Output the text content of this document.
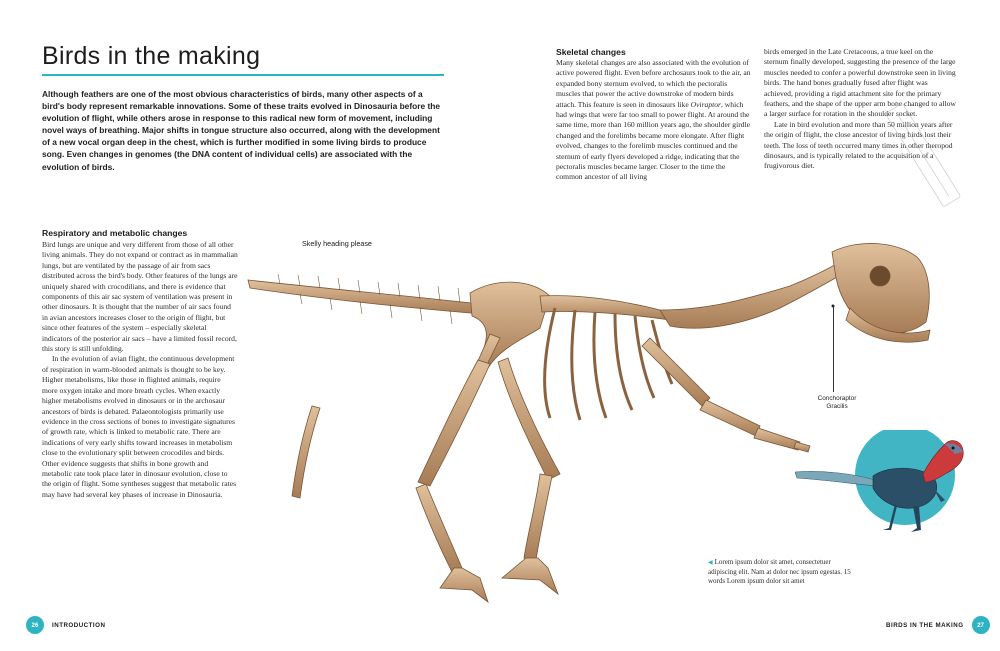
Birds in the making
Although feathers are one of the most obvious characteristics of birds, many other aspects of a bird's body represent remarkable innovations. Some of these traits evolved in Dinosauria before the evolution of flight, while others arose in response to this radical new form of movement, including novel ways of breathing. Major shifts in tongue structure also occurred, along with the development of a new vocal organ deep in the chest, which is further modified in some living birds to produce song. Even changes in genomes (the DNA content of individual cells) are associated with the evolution of birds.
Respiratory and metabolic changes

Bird lungs are unique and very different from those of all other living animals. They do not expand or contract as in mammalian lungs, but are ventilated by the passage of air from sacs distributed across the bird's body. Other features of the lungs are uniquely shared with crocodilians, and there is evidence that components of this air sac system of ventilation was present in other dinosaurs. It is thought that the number of air sacs found in avian ancestors increases closer to the origin of flight, but since other features of the system – especially skeletal indicators of the posterior air sacs – have a limited fossil record, this story is still unfolding.

In the evolution of avian flight, the continuous development of respiration in warm-blooded animals is thought to be key. Higher metabolisms, like those in flighted animals, require more oxygen intake and more breath cycles. When exactly higher metabolisms evolved in dinosaurs or in the archosaur ancestors of birds is debated. Palaeontologists primarily use evidence in the cross sections of bones to investigate signatures of growth rate, which is linked to metabolic rate. There are indications of very early shifts toward increases in metabolism close to the evolutionary split between crocodiles and birds. Other evidence suggests that shifts in bone growth and metabolic rate took place later in dinosaur evolution, close to the origin of flight. Some syntheses suggest that metabolic rates may have had several key phases of increase in Dinosauria.

Skeletal changes

Many skeletal changes are also associated with the evolution of active powered flight. Even before archosaurs took to the air, an expanded bony sternum evolved, to which the pectoralis muscles that power the active downstroke of modern birds attach. This feature is seen in dinosaurs like Oviraptor, which had wings that were far too small to power flight. At around the same time, more than 160 million years ago, the shoulder girdle changed and the forelimbs became more elongate. After flight evolved, changes to the forelimb muscles continued and the sternum of early flyers developed a ridge, indicating that the pectoralis muscles became larger. Closer to the time the common ancestor of all living

birds emerged in the Late Cretaceous, a true keel on the sternum finally developed, suggesting the presence of the large muscles needed to confer a powerful downstroke seen in living birds. The hand bones gradually fused after flight was achieved, providing a rigid attachment site for the primary feathers, and the shape of the upper arm bone changed to allow a larger surface for rotation in the shoulder socket.

Late in bird evolution and more than 50 million years after the origin of flight, the close ancestor of living birds lost their teeth. The loss of teeth occurred many times in other theropod dinosaurs, and is typically related to the acquisition of a frugivorous diet.

Skelly heading please
Conchoraptor
Gracilis
◀ Lorem ipsum dolor sit amet, consectetuer adipiscing elit. Nam at dolor nec ipsum egestas. 15 words Lorem ipsum dolor sit amet
26 INTRODUCTION	BIRDS IN THE MAKING 27
